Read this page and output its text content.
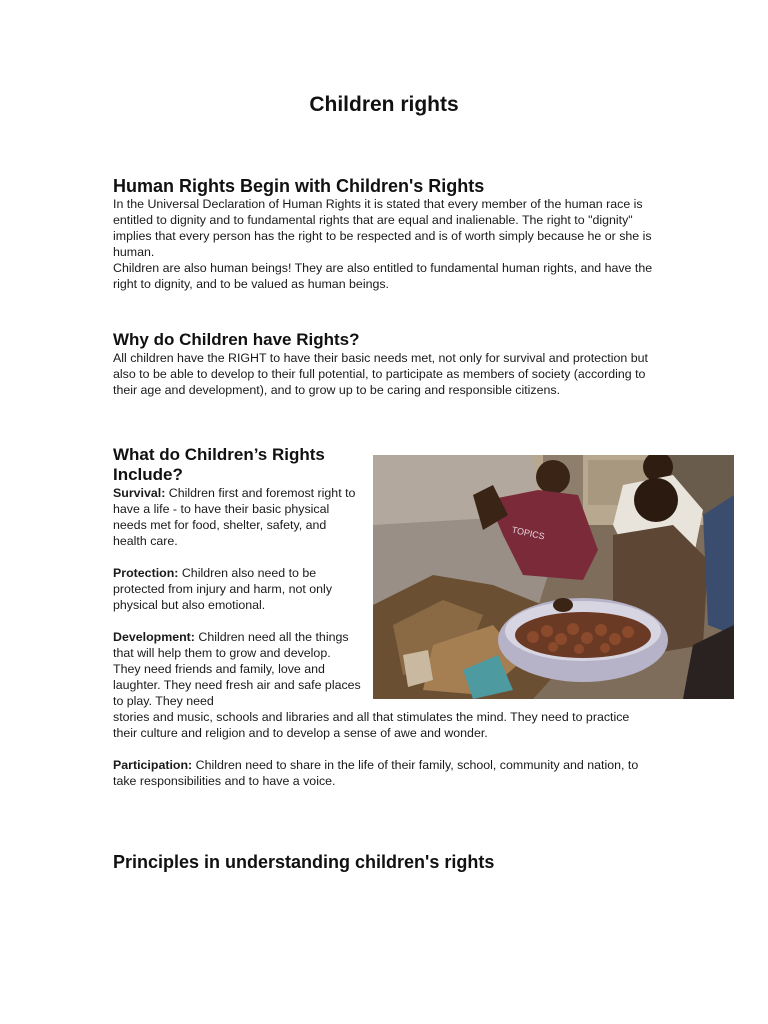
Children rights
Human Rights Begin with Children's Rights

In the Universal Declaration of Human Rights it is stated that every member of the human race is entitled to dignity and to fundamental rights that are equal and inalienable. The right to "dignity" implies that every person has the right to be respected and is of worth simply because he or she is human.

Children are also human beings! They are also entitled to fundamental human rights, and have the right to dignity, and to be valued as human beings.

Why do Children have Rights?

All children have the RIGHT to have their basic needs met, not only for survival and protection but also to be able to develop to their full potential, to participate as members of society (according to their age and development), and to grow up to be caring and responsible citizens.

What do Children’s Rights Include?

Survival: Children first and foremost right to have a life - to have their basic physical needs met for food, shelter, safety, and health care.

Protection: Children also need to be protected from injury and harm, not only physical but also emotional.

Development: Children need all the things that will help them to grow and develop. They need friends and family, love and laughter. They need fresh air and safe places to play. They need

stories and music, schools and libraries and all that stimulates the mind. They need to practice their culture and religion and to develop a sense of awe and wonder.

Participation: Children need to share in the life of their family, school, community and nation, to take responsibilities and to have a voice.

TOPICS
Principles in understanding children's rights
